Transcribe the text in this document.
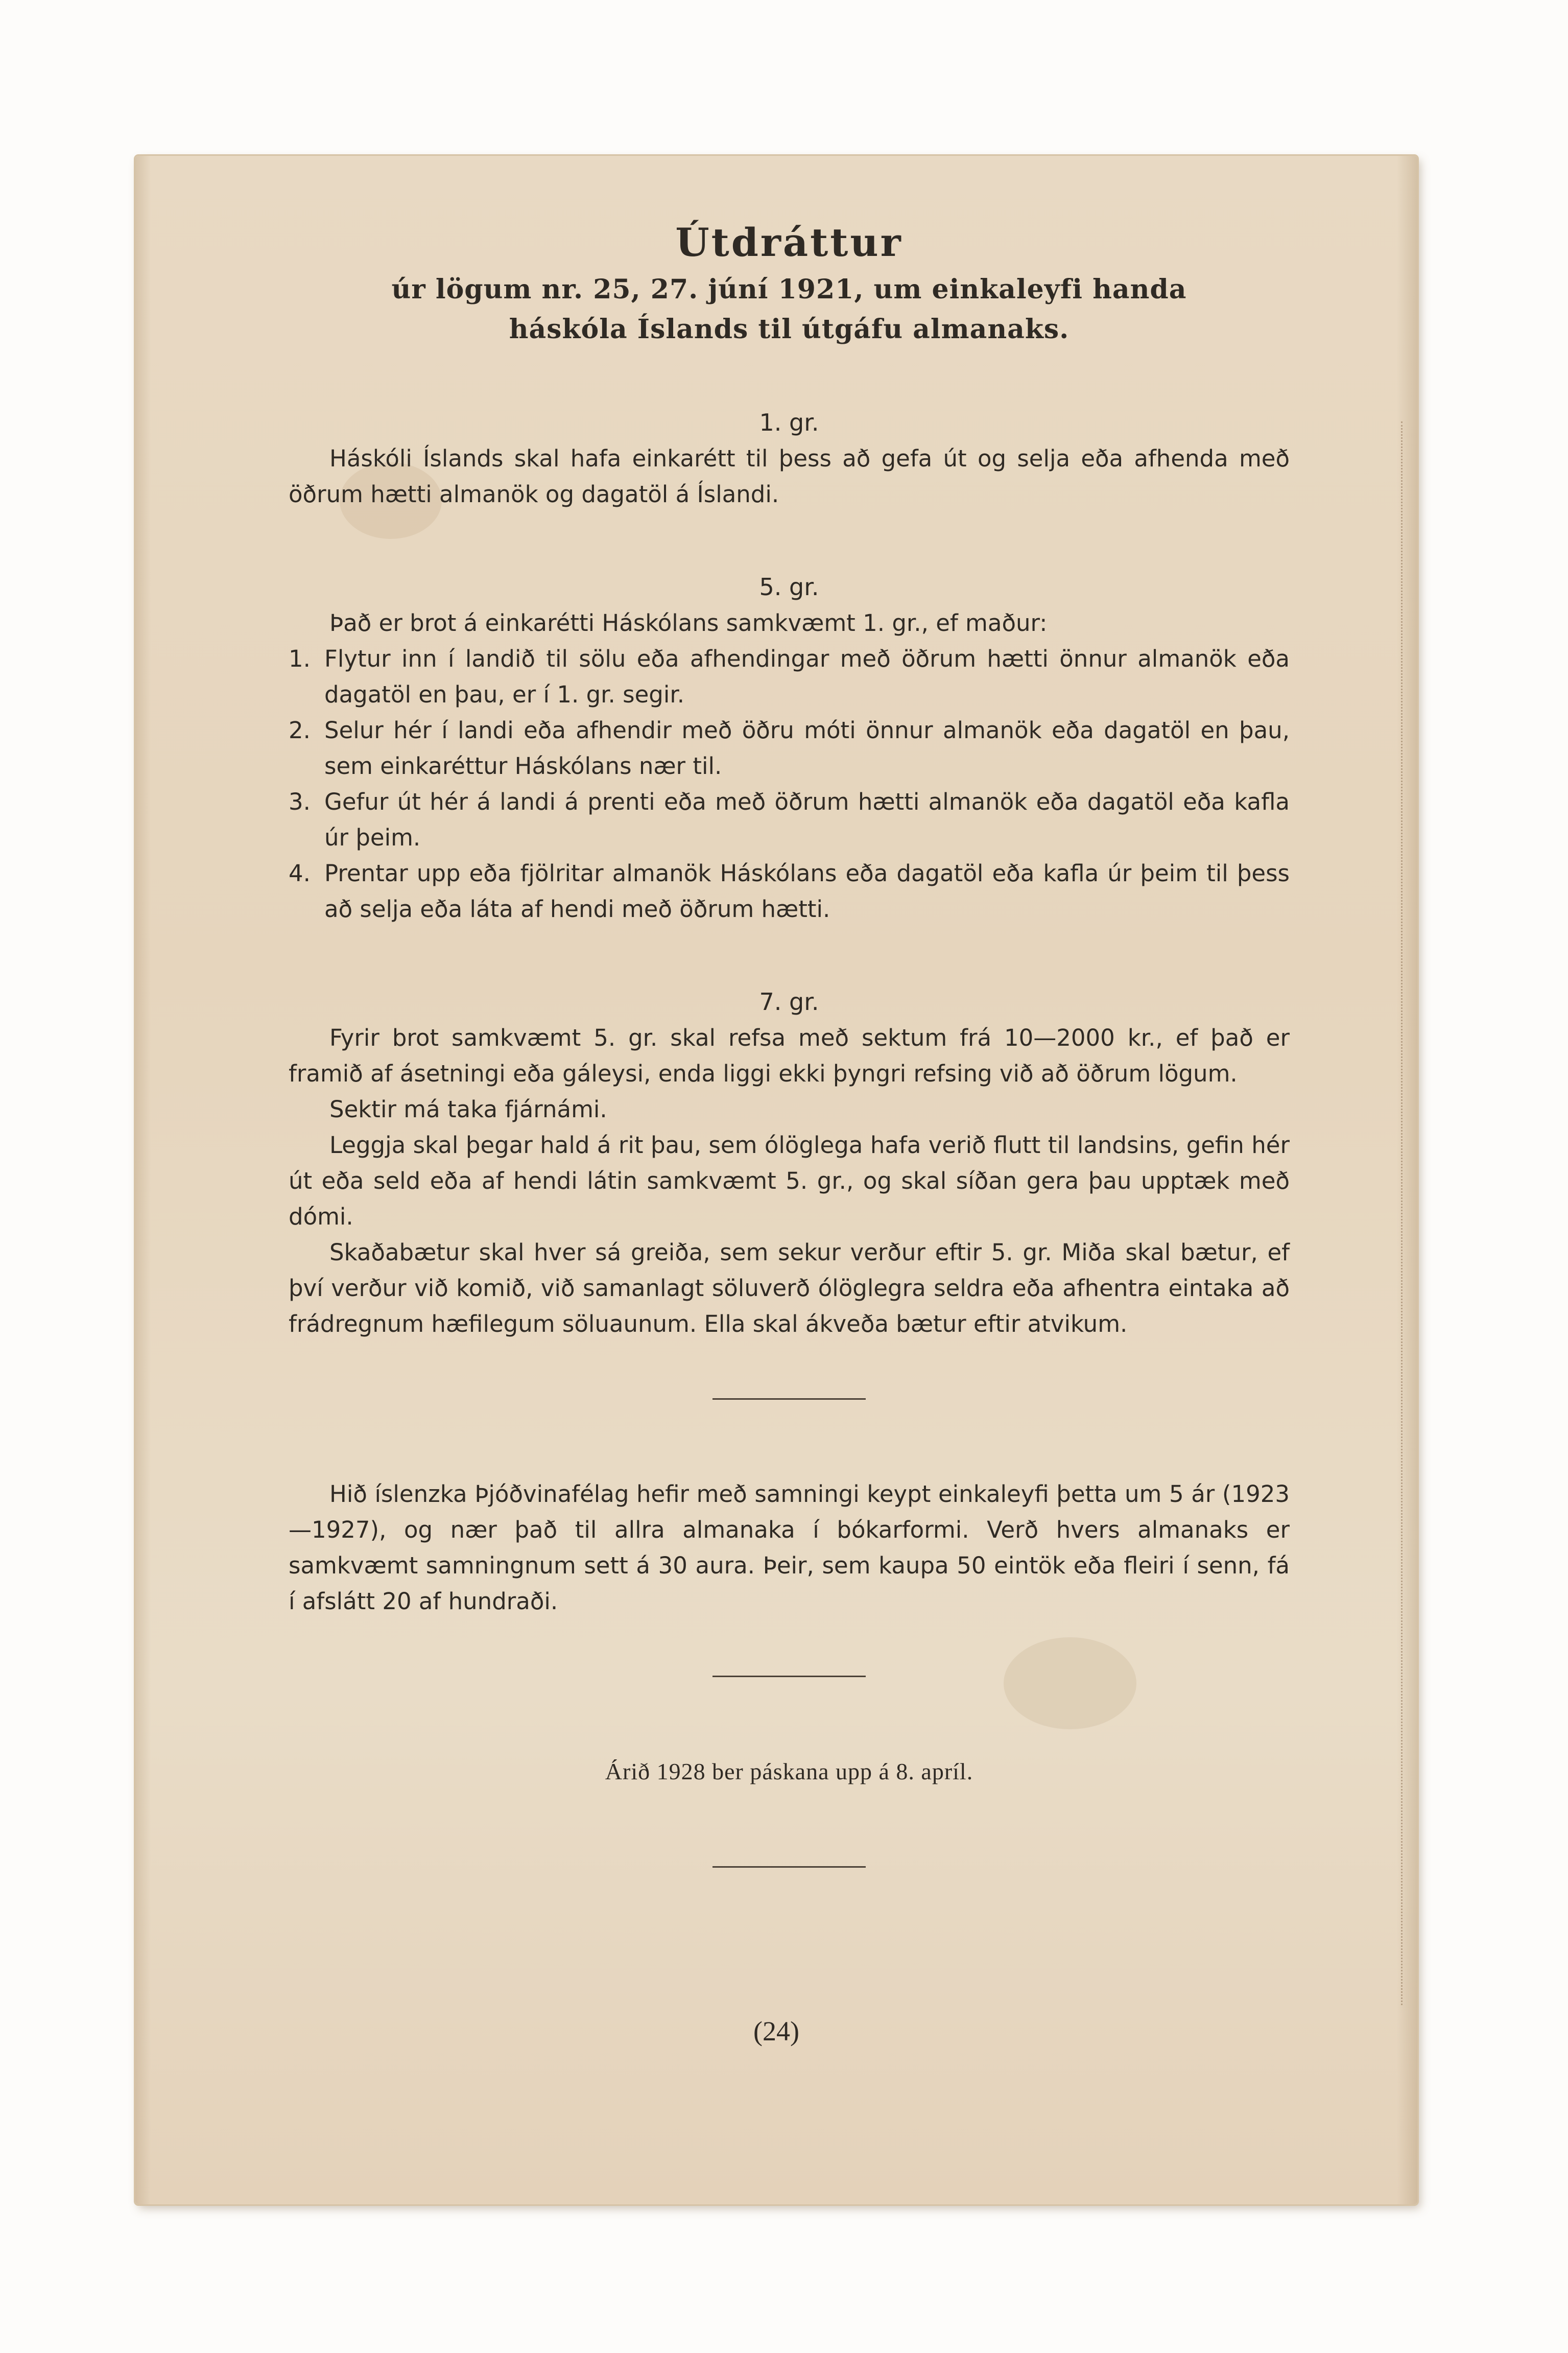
Útdráttur

úr lögum nr. 25, 27. júní 1921, um einkaleyfi handa

háskóla Íslands til útgáfu almanaks.

1. gr.

Háskóli Íslands skal hafa einkarétt til þess að gefa út og selja eða afhenda með öðrum hætti almanök og dagatöl á Íslandi.

5. gr.

Það er brot á einkarétti Háskólans samkvæmt 1. gr., ef maður:

1. Flytur inn í landið til sölu eða afhendingar með öðrum hætti önnur almanök eða dagatöl en þau, er í 1. gr. segir.
2. Selur hér í landi eða afhendir með öðru móti önnur almanök eða dagatöl en þau, sem einkaréttur Háskólans nær til.
3. Gefur út hér á landi á prenti eða með öðrum hætti almanök eða dagatöl eða kafla úr þeim.
4. Prentar upp eða fjölritar almanök Háskólans eða dagatöl eða kafla úr þeim til þess að selja eða láta af hendi með öðrum hætti.

7. gr.

Fyrir brot samkvæmt 5. gr. skal refsa með sektum frá 10—2000 kr., ef það er framið af ásetningi eða gáleysi, enda liggi ekki þyngri refsing við að öðrum lögum.

Sektir má taka fjárnámi.

Leggja skal þegar hald á rit þau, sem ólöglega hafa verið flutt til landsins, gefin hér út eða seld eða af hendi látin samkvæmt 5. gr., og skal síðan gera þau upptæk með dómi.

Skaðabætur skal hver sá greiða, sem sekur verður eftir 5. gr. Miða skal bætur, ef því verður við komið, við samanlagt söluverð ólöglegra seldra eða afhentra eintaka að frádregnum hæfilegum söluaunum. Ella skal ákveða bætur eftir atvikum.

Hið íslenzka Þjóðvinafélag hefir með samningi keypt einkaleyfi þetta um 5 ár (1923—1927), og nær það til allra almanaka í bókarformi. Verð hvers almanaks er samkvæmt samningnum sett á 30 aura. Þeir, sem kaupa 50 eintök eða fleiri í senn, fá í afslátt 20 af hundraði.

Árið 1928 ber páskana upp á 8. apríl.

(24)
